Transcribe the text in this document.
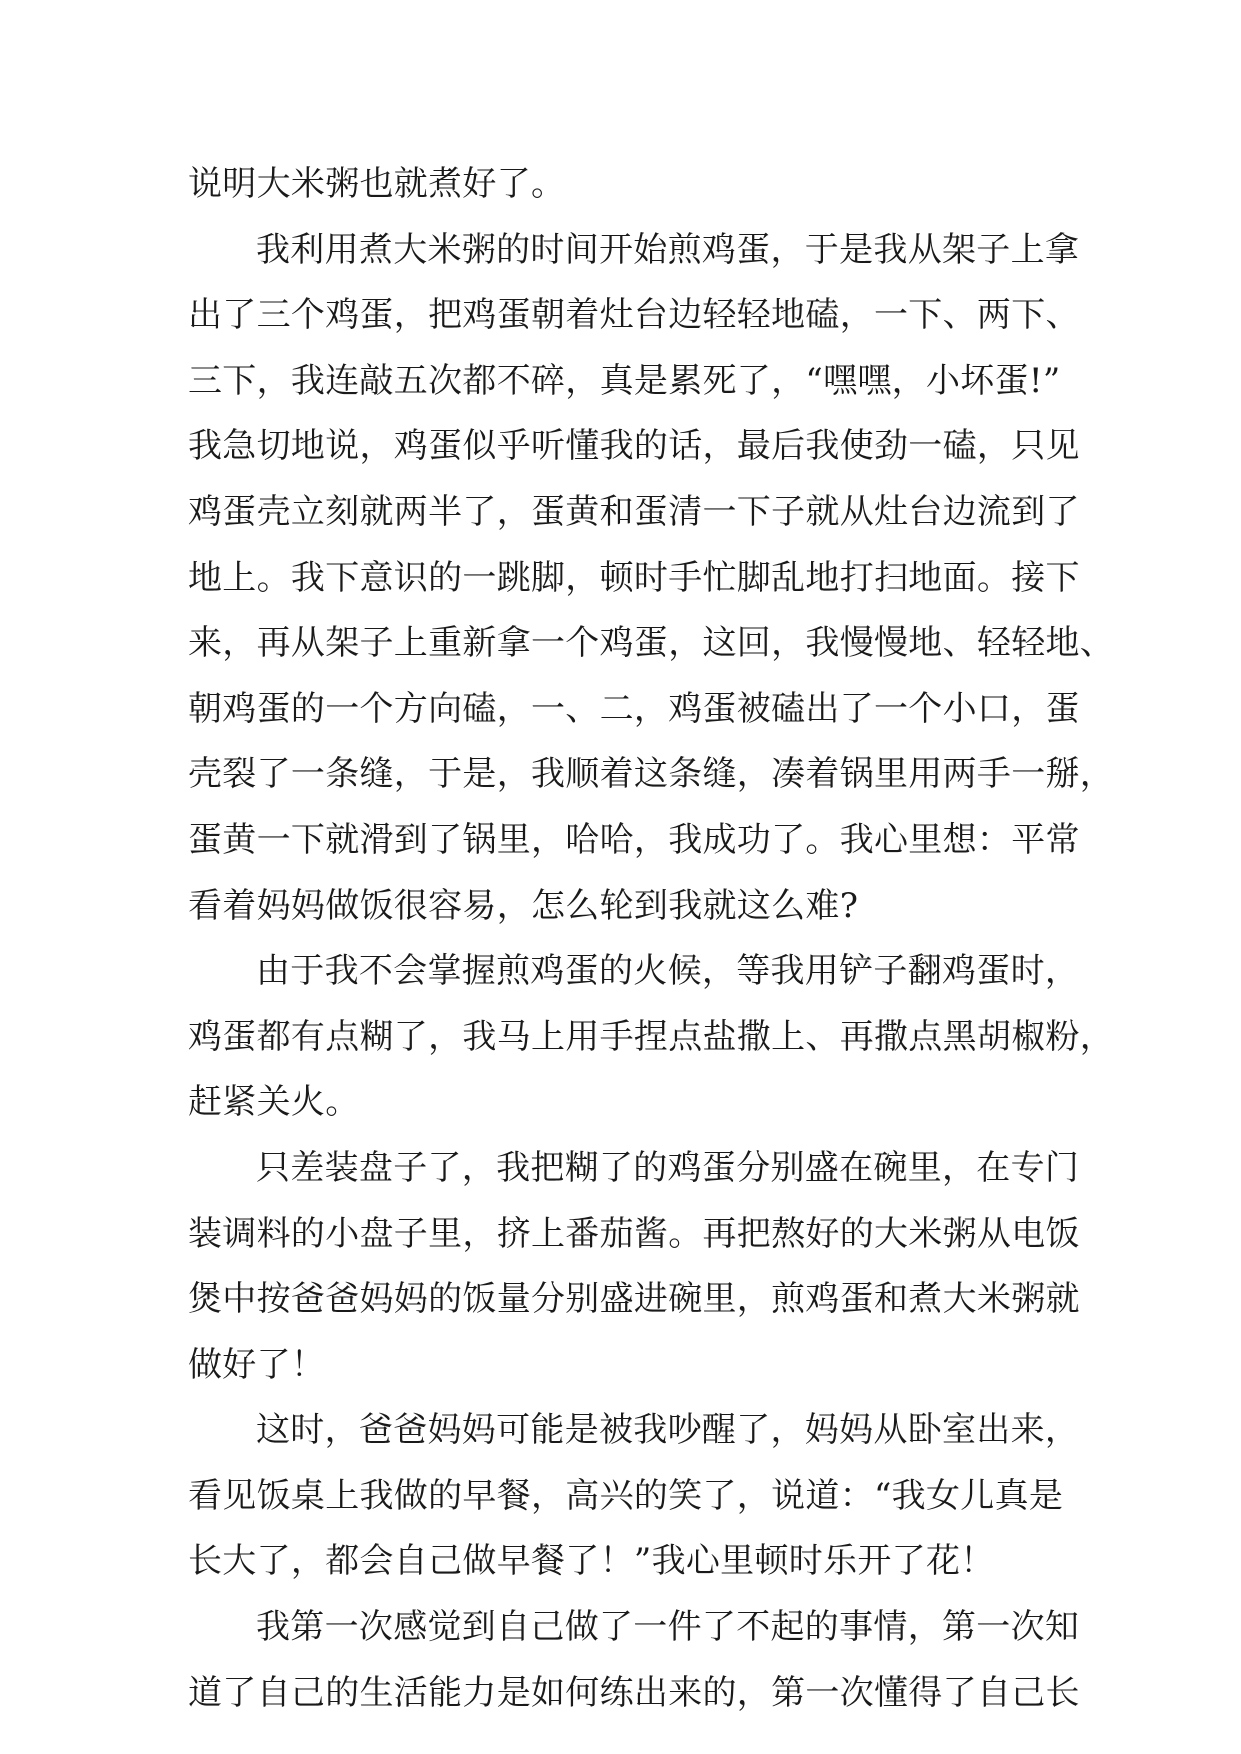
说明大米粥也就煮好了。
我利用煮大米粥的时间开始煎鸡蛋，于是我从架子上拿
出了三个鸡蛋，把鸡蛋朝着灶台边轻轻地磕，一下、两下、
三下，我连敲五次都不碎，真是累死了，“嘿嘿，小坏蛋!”
我急切地说，鸡蛋似乎听懂我的话，最后我使劲一磕，只见
鸡蛋壳立刻就两半了，蛋黄和蛋清一下子就从灶台边流到了
地上。我下意识的一跳脚，顿时手忙脚乱地打扫地面。接下
来，再从架子上重新拿一个鸡蛋，这回，我慢慢地、轻轻地、
朝鸡蛋的一个方向磕，一、二，鸡蛋被磕出了一个小口，蛋
壳裂了一条缝，于是，我顺着这条缝，凑着锅里用两手一掰，
蛋黄一下就滑到了锅里，哈哈，我成功了。我心里想：平常
看着妈妈做饭很容易，怎么轮到我就这么难?
由于我不会掌握煎鸡蛋的火候，等我用铲子翻鸡蛋时，
鸡蛋都有点糊了，我马上用手捏点盐撒上、再撒点黑胡椒粉，
赶紧关火。
只差装盘子了，我把糊了的鸡蛋分别盛在碗里，在专门
装调料的小盘子里，挤上番茄酱。再把熬好的大米粥从电饭
煲中按爸爸妈妈的饭量分别盛进碗里，煎鸡蛋和煮大米粥就
做好了！
这时，爸爸妈妈可能是被我吵醒了，妈妈从卧室出来，
看见饭桌上我做的早餐，高兴的笑了，说道：“我女儿真是
长大了，都会自己做早餐了！”我心里顿时乐开了花！
我第一次感觉到自己做了一件了不起的事情，第一次知
道了自己的生活能力是如何练出来的，第一次懂得了自己长
